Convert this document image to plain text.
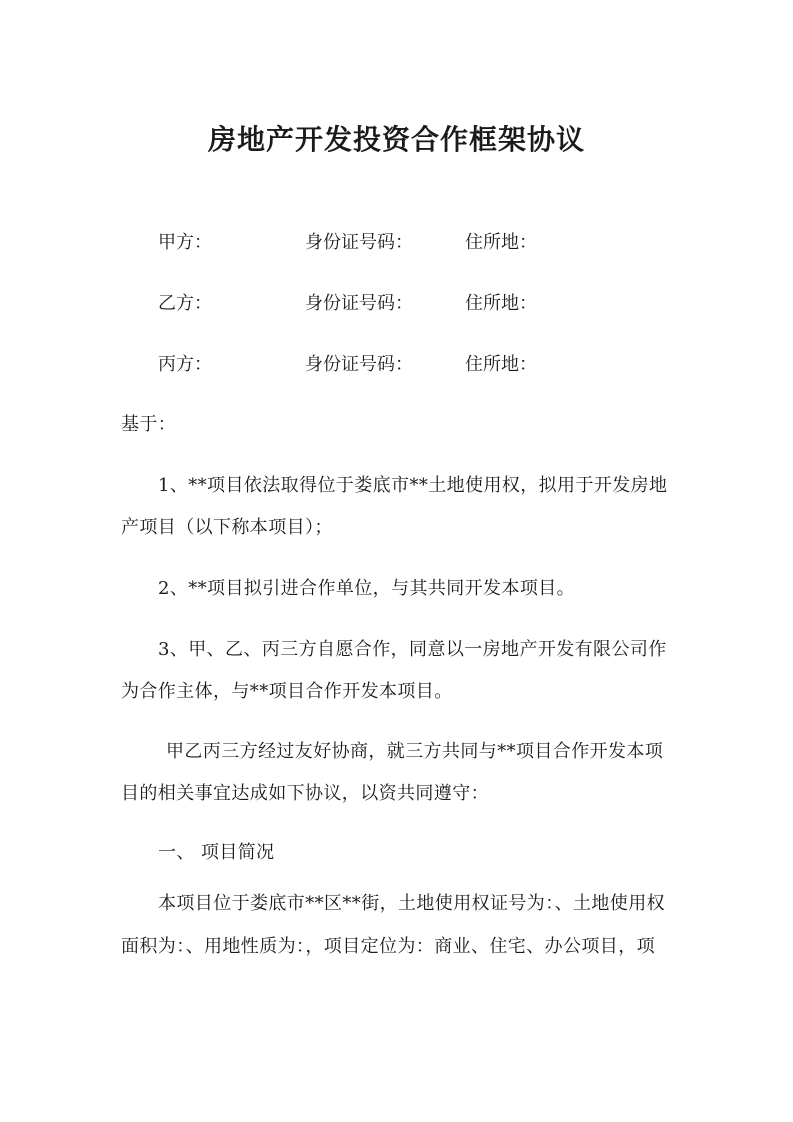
房地产开发投资合作框架协议
甲方：	身份证号码：	住所地：
乙方：	身份证号码：	住所地：
丙方：	身份证号码：	住所地：
基于：
1、**项目依法取得位于娄底市**土地使用权，拟用于开发房地
产项目（以下称本项目）；
2、**项目拟引进合作单位，与其共同开发本项目。
3、甲、乙、丙三方自愿合作，同意以一房地产开发有限公司作
为合作主体，与**项目合作开发本项目。
甲乙丙三方经过友好协商，就三方共同与**项目合作开发本项
目的相关事宜达成如下协议，以资共同遵守：
一、 项目简况
本项目位于娄底市**区**街，土地使用权证号为：、土地使用权
面积为：、用地性质为：，项目定位为：商业、住宅、办公项目，项
